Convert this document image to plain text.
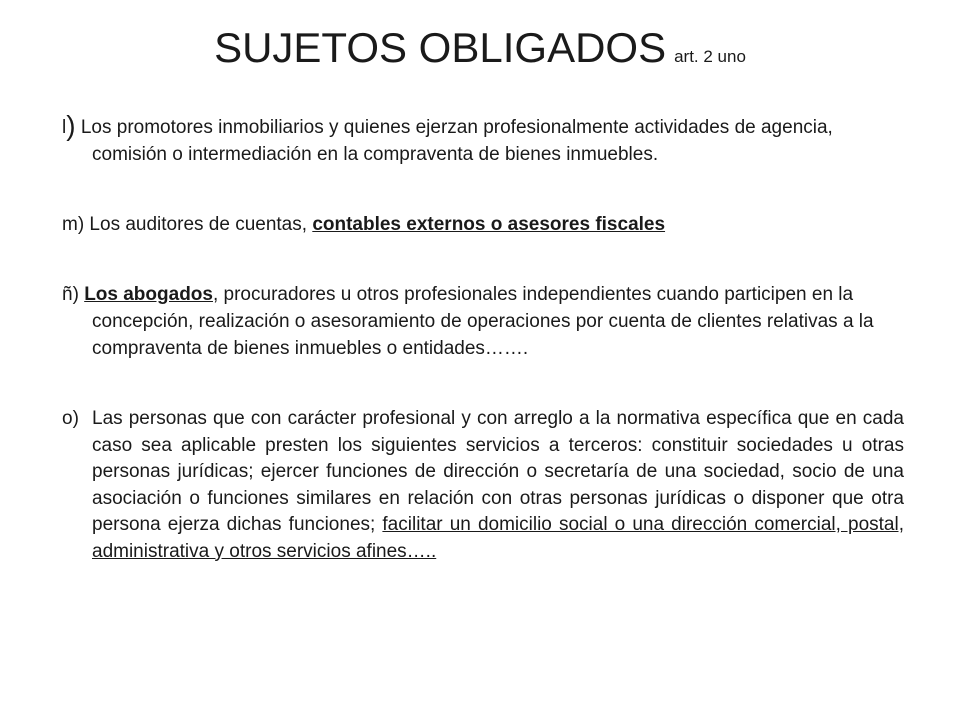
SUJETOS OBLIGADOS art. 2 uno
l) Los promotores inmobiliarios y quienes ejerzan profesionalmente actividades de agencia, comisión o intermediación en la compraventa de bienes inmuebles.
m) Los auditores de cuentas, contables externos o asesores fiscales
ñ) Los abogados, procuradores u otros profesionales independientes cuando participen en la concepción, realización o asesoramiento de operaciones por cuenta de clientes relativas a la compraventa de bienes inmuebles o entidades…….
o) Las personas que con carácter profesional y con arreglo a la normativa específica que en cada caso sea aplicable presten los siguientes servicios a terceros: constituir sociedades u otras personas jurídicas; ejercer funciones de dirección o secretaría de una sociedad, socio de una asociación o funciones similares en relación con otras personas jurídicas o disponer que otra persona ejerza dichas funciones; facilitar un domicilio social o una dirección comercial, postal, administrativa y otros servicios afines…..
